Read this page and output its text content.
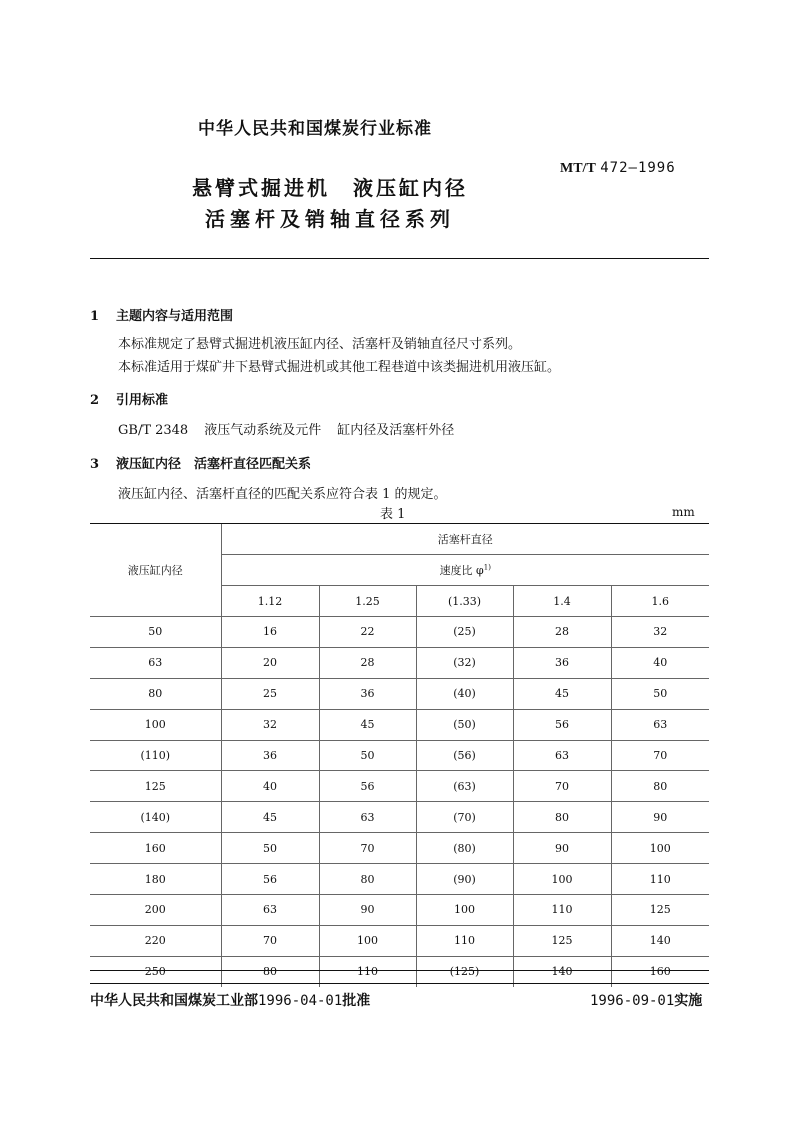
中华人民共和国煤炭行业标准
MT/T 472—1996
悬臂式掘进机　液压缸内径
活塞杆及销轴直径系列
1 主题内容与适用范围
本标准规定了悬臂式掘进机液压缸内径、活塞杆及销轴直径尺寸系列。
本标准适用于煤矿井下悬臂式掘进机或其他工程巷道中该类掘进机用液压缸。
2 引用标准
GB/T 2348 液压气动系统及元件 缸内径及活塞杆外径
3 液压缸内径　活塞杆直径匹配关系
液压缸内径、活塞杆直径的匹配关系应符合表 1 的规定。
表 1	mm
液压缸内径	活塞杆直径				
	速度比 $\varphi^{1)}$
	1.12	1.25	(1.33)	1.4	1.6
50	16	22	(25)	28	32
63	20	28	(32)	36	40
80	25	36	(40)	45	50
100	32	45	(50)	56	63
(110)	36	50	(56)	63	70
125	40	56	(63)	70	80
(140)	45	63	(70)	80	90
160	50	70	(80)	90	100
180	56	80	(90)	100	110
200	63	90	100	110	125
220	70	100	110	125	140
250	80	110	(125)	140	160
中华人民共和国煤炭工业部1996-04-01批准	1996-09-01实施
